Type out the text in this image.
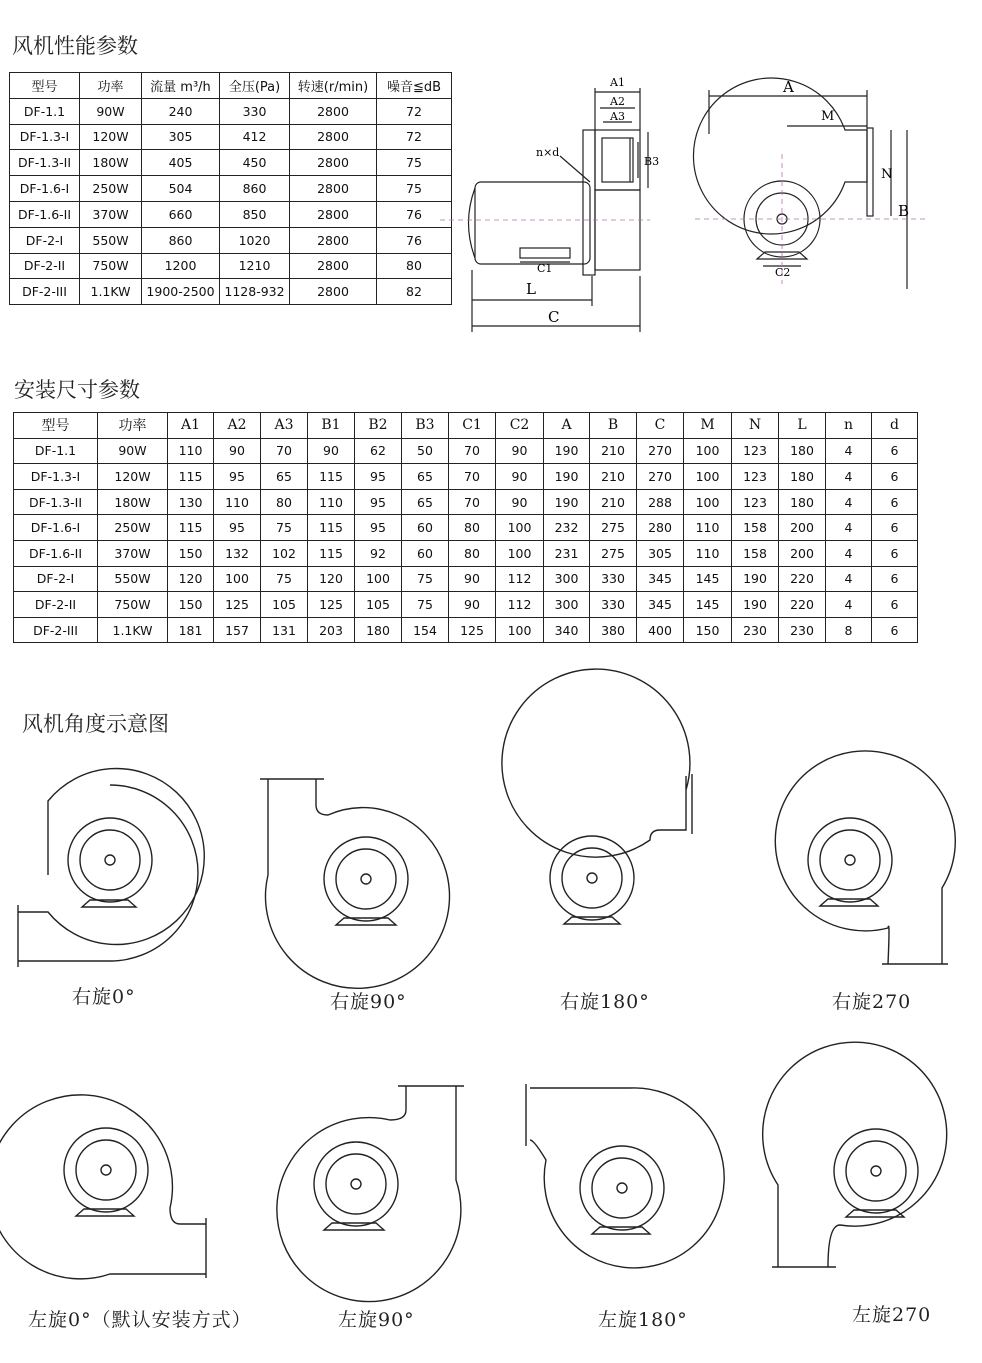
风机性能参数
型号	功率	流量 m³/h	全压(Pa)	转速(r/min)	噪音≦dB
DF-1.1	90W	240	330	2800	72
DF-1.3-I	120W	305	412	2800	72
DF-1.3-II	180W	405	450	2800	75
DF-1.6-I	250W	504	860	2800	75
DF-1.6-II	370W	660	850	2800	76
DF-2-I	550W	860	1020	2800	76
DF-2-II	750W	1200	1210	2800	80
DF-2-III	1.1KW	1900-2500	1128-932	2800	82
安装尺寸参数
型号	功率	A1	A2	A3	B1	B2	B3	C1	C2	A	B	C	M	N	L	n	d
DF-1.1	90W	110	90	70	90	62	50	70	90	190	210	270	100	123	180	4	6
DF-1.3-I	120W	115	95	65	115	95	65	70	90	190	210	270	100	123	180	4	6
DF-1.3-II	180W	130	110	80	110	95	65	70	90	190	210	288	100	123	180	4	6
DF-1.6-I	250W	115	95	75	115	95	60	80	100	232	275	280	110	158	200	4	6
DF-1.6-II	370W	150	132	102	115	92	60	80	100	231	275	305	110	158	200	4	6
DF-2-I	550W	120	100	75	120	100	75	90	112	300	330	345	145	190	220	4	6
DF-2-II	750W	150	125	105	125	105	75	90	112	300	330	345	145	190	220	4	6
DF-2-III	1.1KW	181	157	131	203	180	154	125	100	340	380	400	150	230	230	8	6
A1
A2
A3
B3
n×d
C1
L
C
A
M
N
B
C2
风机角度示意图
右旋0°	右旋90°	右旋180°	右旋270
左旋0°（默认安装方式）	左旋90°	左旋180°	左旋270
